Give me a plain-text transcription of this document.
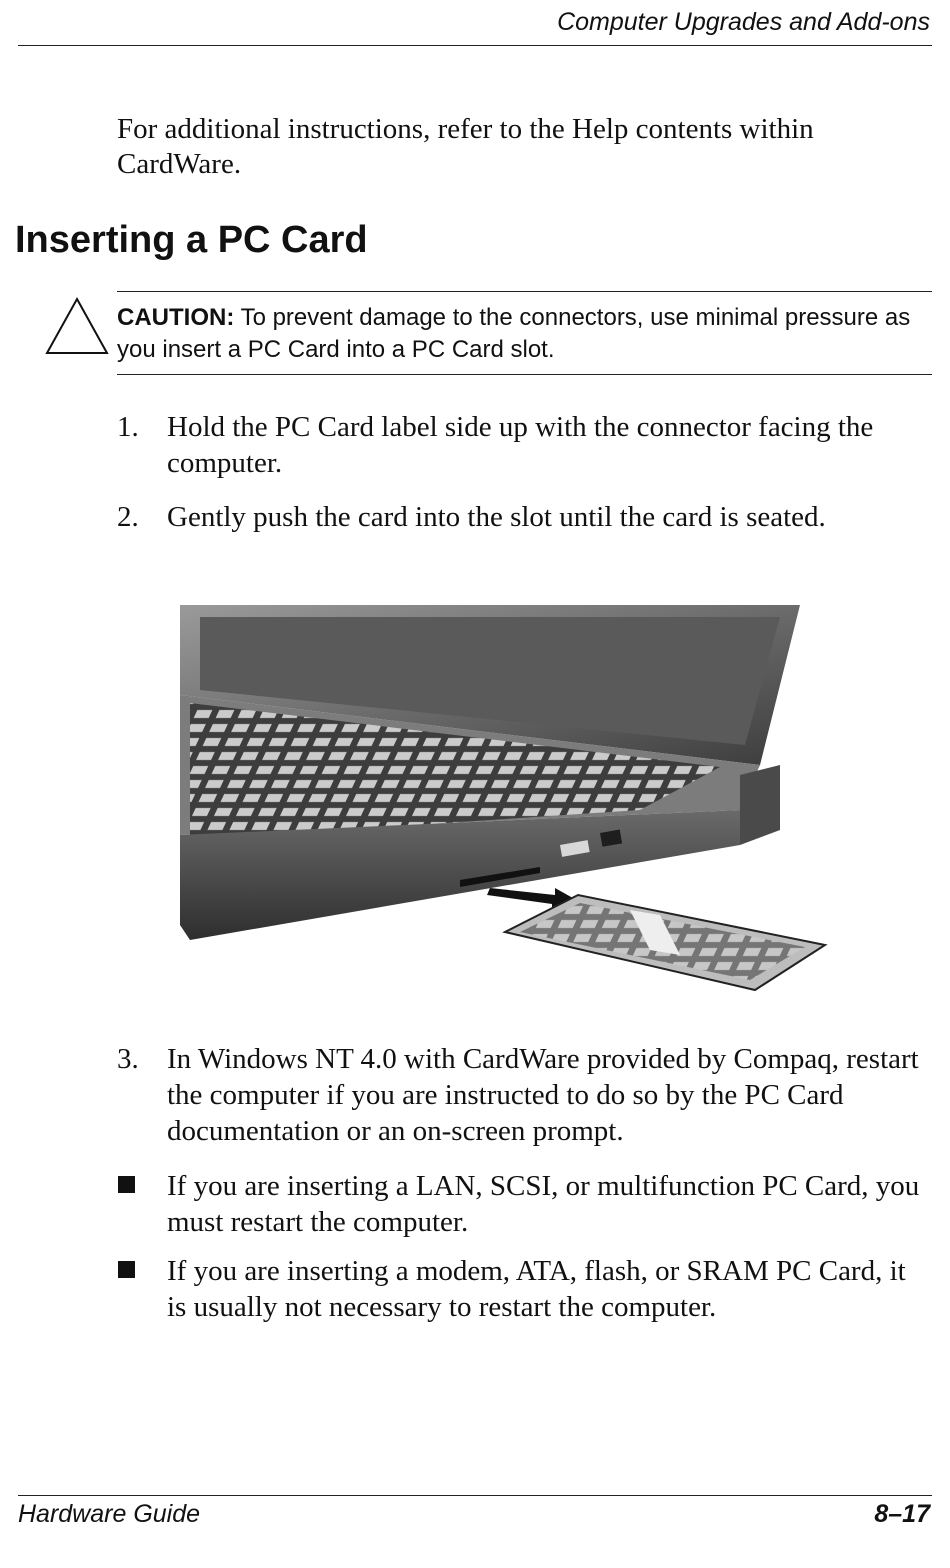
Computer Upgrades and Add-ons
For additional instructions, refer to the Help contents within CardWare.
Inserting a PC Card
CAUTION: To prevent damage to the connectors, use minimal pressure as you insert a PC Card into a PC Card slot.
1. Hold the PC Card label side up with the connector facing the computer.
2. Gently push the card into the slot until the card is seated.
3. In Windows NT 4.0 with CardWare provided by Compaq, restart the computer if you are instructed to do so by the PC Card documentation or an on-screen prompt.
If you are inserting a LAN, SCSI, or multifunction PC Card, you must restart the computer.
If you are inserting a modem, ATA, flash, or SRAM PC Card, it is usually not necessary to restart the computer.
Hardware Guide	8–17
